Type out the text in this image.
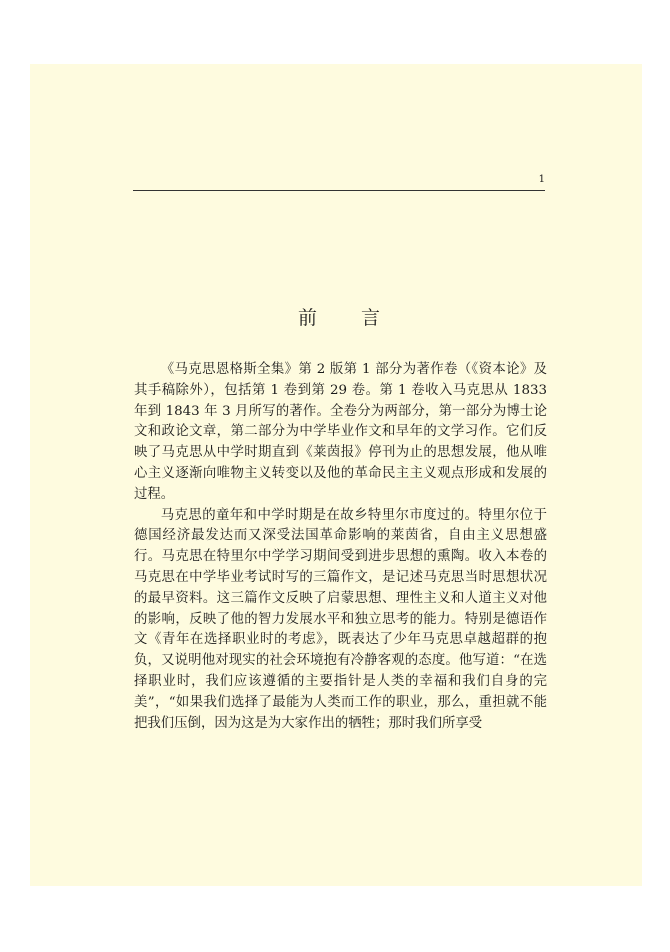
1
前言

《马克思恩格斯全集》第 2 版第 1 部分为著作卷（《资本论》及其手稿除外），包括第 1 卷到第 29 卷。第 1 卷收入马克思从 1833 年到 1843 年 3 月所写的著作。全卷分为两部分，第一部分为博士论文和政论文章，第二部分为中学毕业作文和早年的文学习作。它们反映了马克思从中学时期直到《莱茵报》停刊为止的思想发展，他从唯心主义逐渐向唯物主义转变以及他的革命民主主义观点形成和发展的过程。

马克思的童年和中学时期是在故乡特里尔市度过的。特里尔位于德国经济最发达而又深受法国革命影响的莱茵省，自由主义思想盛行。马克思在特里尔中学学习期间受到进步思想的熏陶。收入本卷的马克思在中学毕业考试时写的三篇作文，是记述马克思当时思想状况的最早资料。这三篇作文反映了启蒙思想、理性主义和人道主义对他的影响，反映了他的智力发展水平和独立思考的能力。特别是德语作文《青年在选择职业时的考虑》，既表达了少年马克思卓越超群的抱负，又说明他对现实的社会环境抱有冷静客观的态度。他写道：“在选择职业时，我们应该遵循的主要指针是人类的幸福和我们自身的完美”，“如果我们选择了最能为人类而工作的职业，那么，重担就不能把我们压倒，因为这是为大家作出的牺牲；那时我们所享受
